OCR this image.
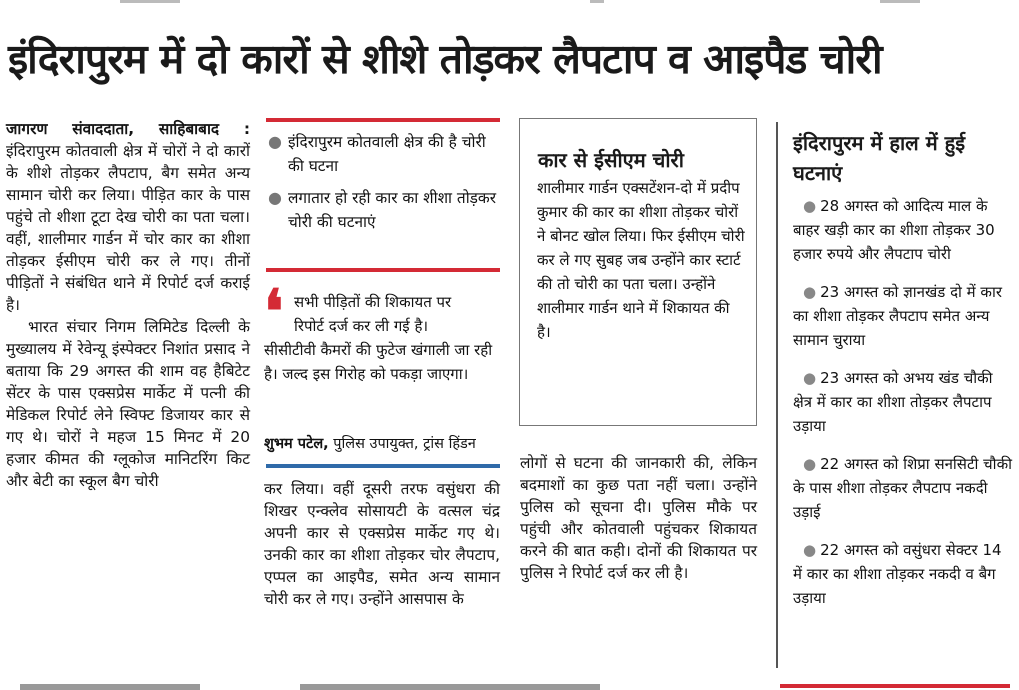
इंदिरापुरम में दो कारों से शीशे तोड़कर लैपटाप व आइपैड चोरी

जागरण संवाददाता, साहिबाबाद : इंदिरापुरम कोतवाली क्षेत्र में चोरों ने दो कारों के शीशे तोड़कर लैपटाप, बैग समेत अन्य सामान चोरी कर लिया। पीड़ित कार के पास पहुंचे तो शीशा टूटा देख चोरी का पता चला। वहीं, शालीमार गार्डन में चोर कार का शीशा तोड़कर ईसीएम चोरी कर ले गए। तीनों पीड़ितों ने संबंधित थाने में रिपोर्ट दर्ज कराई है।

भारत संचार निगम लिमिटेड दिल्ली के मुख्यालय में रेवेन्यू इंस्पेक्टर निशांत प्रसाद ने बताया कि 29 अगस्त की शाम वह हैबिटेट सेंटर के पास एक्सप्रेस मार्केट में पत्नी की मेडिकल रिपोर्ट लेने स्विफ्ट डिजायर कार से गए थे। चोरों ने महज 15 मिनट में 20 हजार कीमत की ग्लूकोज मानिटरिंग किट और बेटी का स्कूल बैग चोरी

● इंदिरापुरम कोतवाली क्षेत्र की है चोरी की घटना
● लगातार हो रही कार का शीशा तोड़कर चोरी की घटनाएं
❛ सभी पीड़ितों की शिकायत पर
रिपोर्ट दर्ज कर ली गई है।
सीसीटीवी कैमरों की फुटेज खंगाली जा रही है। जल्द इस गिरोह को पकड़ा जाएगा।
शुभम पटेल, पुलिस उपायुक्त, ट्रांस हिंडन

कर लिया। वहीं दूसरी तरफ वसुंधरा की शिखर एन्क्लेव सोसायटी के वत्सल चंद्र अपनी कार से एक्सप्रेस मार्केट गए थे। उनकी कार का शीशा तोड़कर चोर लैपटाप, एप्पल का आइपैड, समेत अन्य सामान चोरी कर ले गए। उन्होंने आसपास के

कार से ईसीएम चोरी
शालीमार गार्डन एक्सटेंशन-दो में प्रदीप कुमार की कार का शीशा तोड़कर चोरों ने बोनट खोल लिया। फिर ईसीएम चोरी कर ले गए सुबह जब उन्होंने कार स्टार्ट की तो चोरी का पता चला। उन्होंने शालीमार गार्डन थाने में शिकायत की है।

लोगों से घटना की जानकारी की, लेकिन बदमाशों का कुछ पता नहीं चला। उन्होंने पुलिस को सूचना दी। पुलिस मौके पर पहुंची और कोतवाली पहुंचकर शिकायत करने की बात कही। दोनों की शिकायत पर पुलिस ने रिपोर्ट दर्ज कर ली है।

इंदिरापुरम में हाल में हुई घटनाएं
● 28 अगस्त को आदित्य माल के बाहर खड़ी कार का शीशा तोड़कर 30 हजार रुपये और लैपटाप चोरी
● 23 अगस्त को ज्ञानखंड दो में कार का शीशा तोड़कर लैपटाप समेत अन्य सामान चुराया
● 23 अगस्त को अभय खंड चौकी क्षेत्र में कार का शीशा तोड़कर लैपटाप उड़ाया
● 22 अगस्त को शिप्रा सनसिटी चौकी के पास शीशा तोड़कर लैपटाप नकदी उड़ाई
● 22 अगस्त को वसुंधरा सेक्टर 14 में कार का शीशा तोड़कर नकदी व बैग उड़ाया
